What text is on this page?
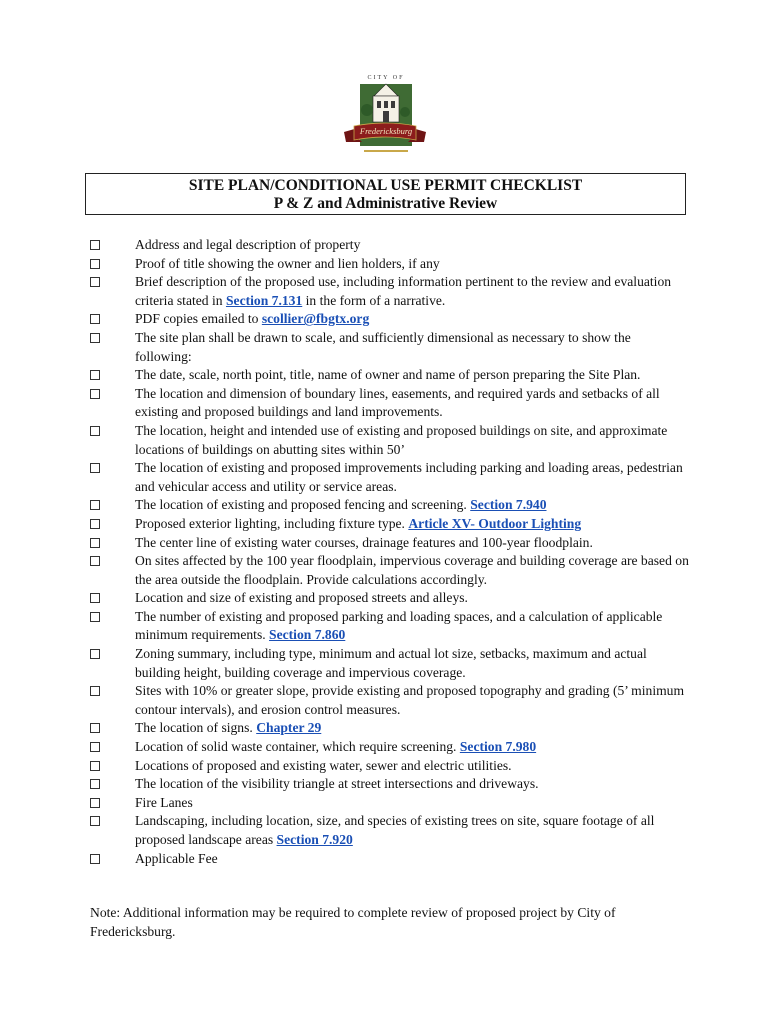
Fredericksburg
CITY OF
SITE PLAN/CONDITIONAL USE PERMIT CHECKLIST
P & Z and Administrative Review
Address and legal description of property
Proof of title showing the owner and lien holders, if any
Brief description of the proposed use, including information pertinent to the review and evaluation criteria stated in Section 7.131 in the form of a narrative.
PDF copies emailed to scollier@fbgtx.org
The site plan shall be drawn to scale, and sufficiently dimensional as necessary to show the following:
The date, scale, north point, title, name of owner and name of person preparing the Site Plan.
The location and dimension of boundary lines, easements, and required yards and setbacks of all existing and proposed buildings and land improvements.
The location, height and intended use of existing and proposed buildings on site, and approximate locations of buildings on abutting sites within 50’
The location of existing and proposed improvements including parking and loading areas, pedestrian and vehicular access and utility or service areas.
The location of existing and proposed fencing and screening. Section 7.940
Proposed exterior lighting, including fixture type. Article XV- Outdoor Lighting
The center line of existing water courses, drainage features and 100-year floodplain.
On sites affected by the 100 year floodplain, impervious coverage and building coverage are based on the area outside the floodplain. Provide calculations accordingly.
Location and size of existing and proposed streets and alleys.
The number of existing and proposed parking and loading spaces, and a calculation of applicable minimum requirements. Section 7.860
Zoning summary, including type, minimum and actual lot size, setbacks, maximum and actual building height, building coverage and impervious coverage.
Sites with 10% or greater slope, provide existing and proposed topography and grading (5’ minimum contour intervals), and erosion control measures.
The location of signs. Chapter 29
Location of solid waste container, which require screening. Section 7.980
Locations of proposed and existing water, sewer and electric utilities.
The location of the visibility triangle at street intersections and driveways.
Fire Lanes
Landscaping, including location, size, and species of existing trees on site, square footage of all proposed landscape areas Section 7.920
Applicable Fee
Note: Additional information may be required to complete review of proposed project by City of Fredericksburg.
